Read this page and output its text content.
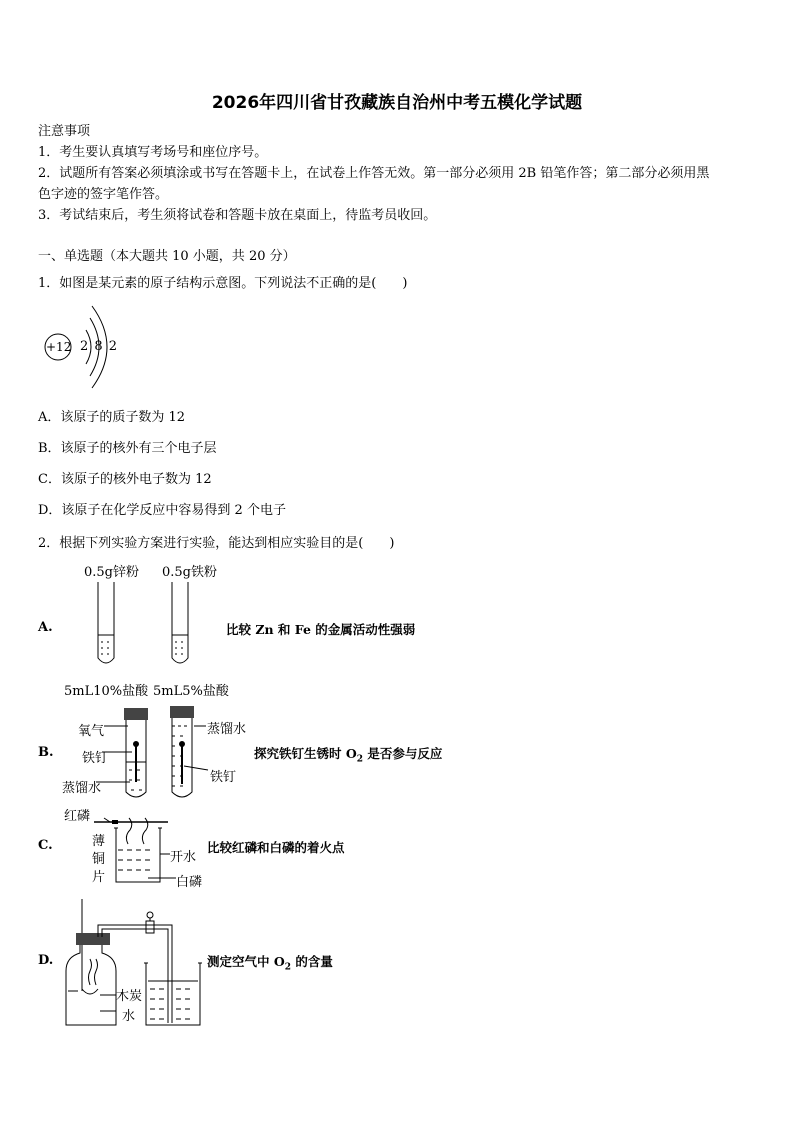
2026年四川省甘孜藏族自治州中考五模化学试题
注意事项
1．考生要认真填写考场号和座位序号。
2．试题所有答案必须填涂或书写在答题卡上，在试卷上作答无效。第一部分必须用 2B 铅笔作答；第二部分必须用黑
色字迹的签字笔作答。
3．考试结束后，考生须将试卷和答题卡放在桌面上，待监考员收回。
一、单选题（本大题共 10 小题，共 20 分）
1．如图是某元素的原子结构示意图。下列说法不正确的是(　　)
+12 2 8 2
A．该原子的质子数为 12
B．该原子的核外有三个电子层
C．该原子的核外电子数为 12
D．该原子在化学反应中容易得到 2 个电子
2．根据下列实验方案进行实验，能达到相应实验目的是(　　)
0.5g锌粉 0.5g铁粉
A.	比较 Zn 和 Fe 的金属活动性强弱
5mL10%盐酸 5mL5%盐酸
氧气	蒸馏水
B. 铁钉
铁钉
蒸馏水
探究铁钉生锈时 $O_2$ 是否参与反应
红磷
薄
铜
片
C.
开水
白磷
比较红磷和白磷的着火点
D.	测定空气中 $O_2$ 的含量
木炭
水
